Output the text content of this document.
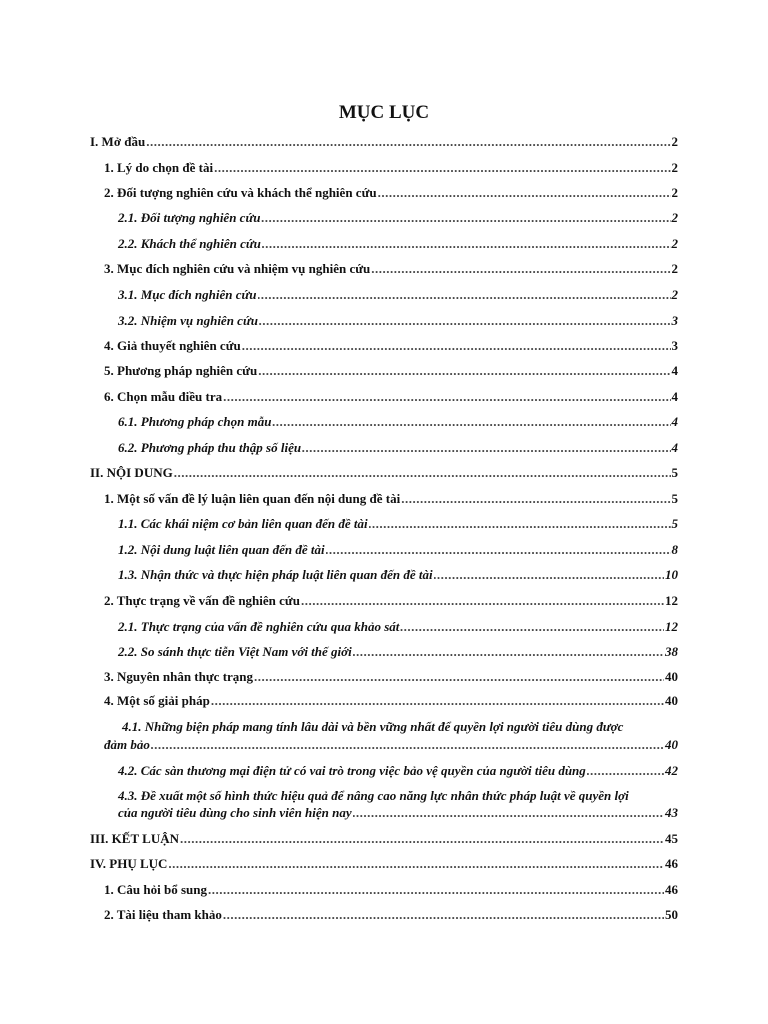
MỤC LỤC
I. Mở đầu .....	2
1. Lý do chọn đề tài .....	2
2. Đối tượng nghiên cứu và khách thể nghiên cứu .....	2
2.1. Đối tượng nghiên cứu .....	2
2.2. Khách thể nghiên cứu .....	2
3. Mục đích nghiên cứu và nhiệm vụ nghiên cứu .....	2
3.1. Mục đích nghiên cứu .....	2
3.2. Nhiệm vụ nghiên cứu .....	3
4. Giả thuyết nghiên cứu .....	3
5. Phương pháp nghiên cứu .....	4
6. Chọn mẫu điều tra .....	4
6.1. Phương pháp chọn mẫu .....	4
6.2. Phương pháp thu thập số liệu .....	4
II. NỘI DUNG .....	5
1. Một số vấn đề lý luận liên quan đến nội dung đề tài .....	5
1.1. Các khái niệm cơ bản liên quan đến đề tài .....	5
1.2. Nội dung luật liên quan đến đề tài .....	8
1.3. Nhận thức và thực hiện pháp luật liên quan đến đề tài .....	10
2. Thực trạng về vấn đề nghiên cứu .....	12
2.1. Thực trạng của vấn đề nghiên cứu qua khảo sát .....	12
2.2. So sánh thực tiễn Việt Nam với thế giới .....	38
3. Nguyên nhân thực trạng .....	40
4. Một số giải pháp .....	40
4.1. Những biện pháp mang tính lâu dài và bền vững nhất để quyền lợi người tiêu dùng được
đảm bảo .....	40
4.2. Các sàn thương mại điện tử có vai trò trong việc bảo vệ quyền của người tiêu dùng .....	42
4.3. Đề xuất một số hình thức hiệu quả để nâng cao năng lực nhân thức pháp luật về quyền lợi
của người tiêu dùng cho sinh viên hiện nay .....	43
III. KẾT LUẬN .....	45
IV. PHỤ LỤC .....	46
1. Câu hỏi bổ sung .....	46
2. Tài liệu tham khảo .....	50
